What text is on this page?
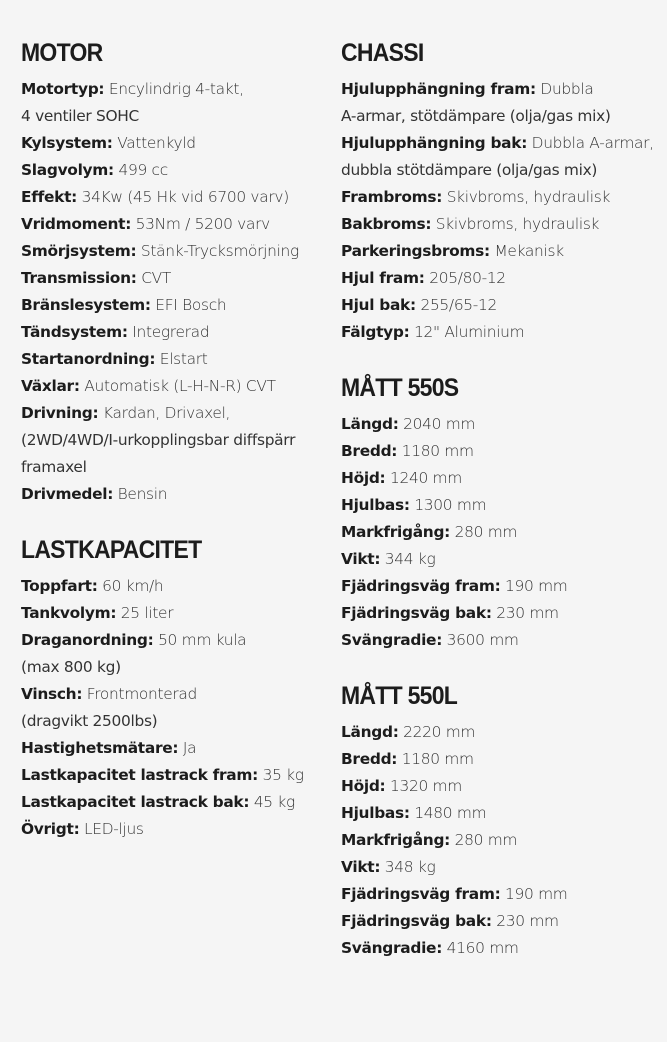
MOTOR
Motortyp : Encylindrig 4-takt,
4 ventiler SOHC
Kylsystem : Vattenkyld
Slagvolym : 499 cc
Effekt : 34Kw (45 Hk vid 6700 varv)
Vridmoment : 53Nm / 5200 varv
Smörjsystem : Stänk-Trycksmörjning
Transmission : CVT
Bränslesystem : EFI Bosch
Tändsystem : Integrerad
Startanordning : Elstart
Växlar : Automatisk (L-H-N-R) CVT
Drivning : Kardan, Drivaxel,
(2WD/4WD/I-urkopplingsbar diffspärr
framaxel
Drivmedel : Bensin
LASTKAPACITET
Toppfart : 60 km/h
Tankvolym : 25 liter
Draganordning : 50 mm kula
(max 800 kg)
Vinsch : Frontmonterad
(dragvikt 2500lbs)
Hastighetsmätare : Ja
Lastkapacitet lastrack fram : 35 kg
Lastkapacitet lastrack bak : 45 kg
Övrigt : LED-ljus
CHASSI
Hjulupphängning fram : Dubbla
A-armar, stötdämpare (olja/gas mix)
Hjulupphängning bak : Dubbla A-armar,
dubbla stötdämpare (olja/gas mix)
Frambroms : Skivbroms, hydraulisk
Bakbroms : Skivbroms, hydraulisk
Parkeringsbroms : Mekanisk
Hjul fram : 205/80-12
Hjul bak : 255/65-12
Fälgtyp : 12" Aluminium
MÅTT 550S
Längd : 2040 mm
Bredd : 1180 mm
Höjd : 1240 mm
Hjulbas : 1300 mm
Markfrigång : 280 mm
Vikt : 344 kg
Fjädringsväg fram : 190 mm
Fjädringsväg bak : 230 mm
Svängradie : 3600 mm
MÅTT 550L
Längd : 2220 mm
Bredd : 1180 mm
Höjd : 1320 mm
Hjulbas : 1480 mm
Markfrigång : 280 mm
Vikt : 348 kg
Fjädringsväg fram : 190 mm
Fjädringsväg bak : 230 mm
Svängradie : 4160 mm
